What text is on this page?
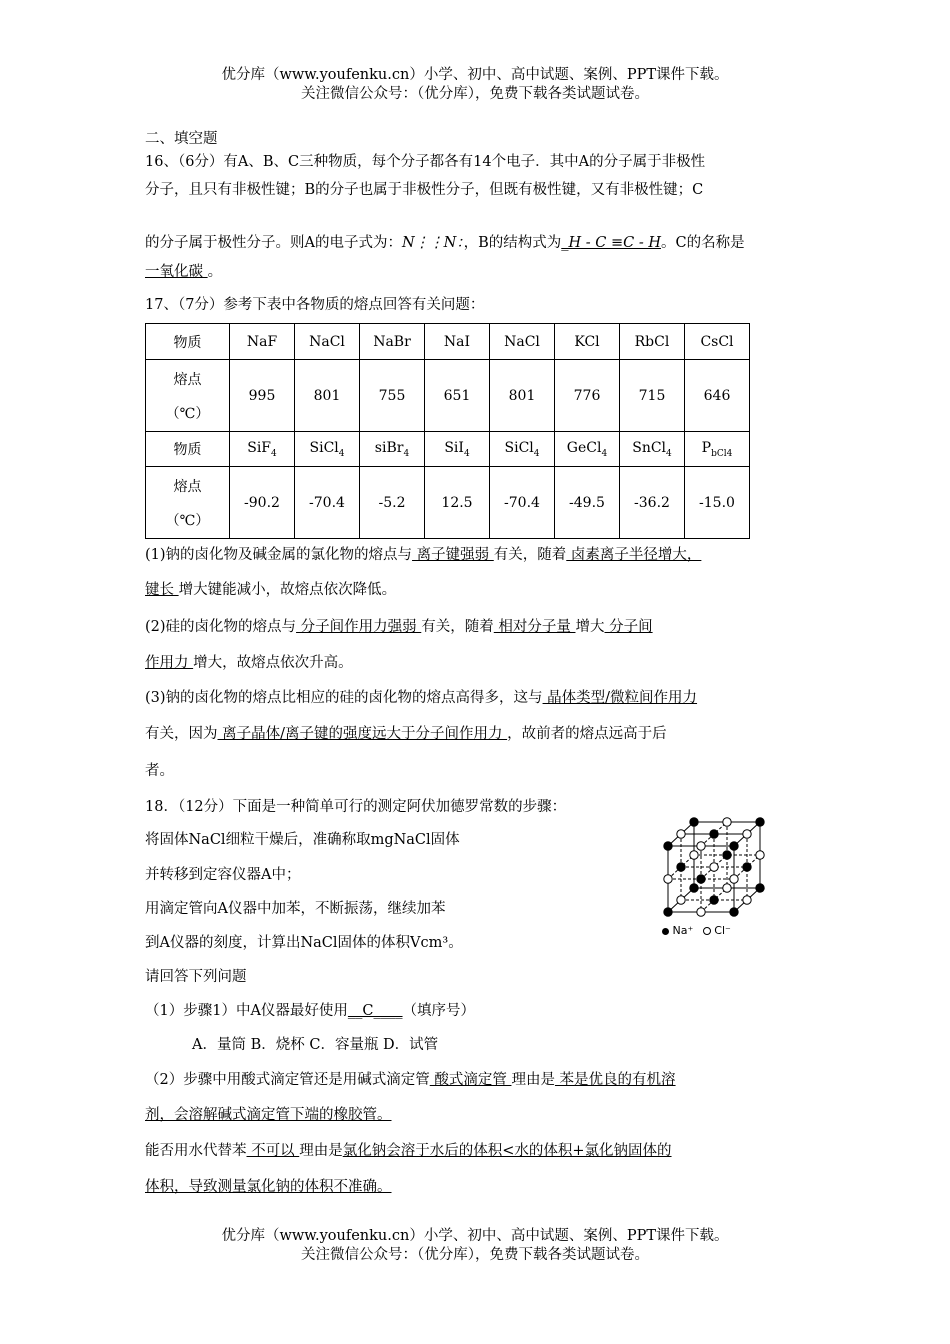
优分库（www.youfenku.cn）小学、初中、高中试题、案例、PPT课件下载。
关注微信公众号：（优分库），免费下载各类试题试卷。
二、填空题
16、（6分）有A、B、C三种物质，每个分子都各有14个电子．其中A的分子属于非极性
分子，且只有非极性键；B的分子也属于非极性分子，但既有极性键，又有非极性键；C
的分子属于极性分子。则A的电子式为：N⋮⋮N：，B的结构式为_H - C ≡C - H。C的名称是
一氧化碳 。
17、（7分）参考下表中各物质的熔点回答有关问题：
物质	NaF	NaCl	NaBr	NaI	NaCl	KCl	RbCl	CsCl

熔点
（℃）	995	801	755	651	801	776	715	646
物质	SiF$_4$	SiCl$_4$	siBr$_4$	SiI$_4$	SiCl$_4$	GeCl$_4$	SnCl$_4$	$P_{bCl4}$

熔点
（℃）	-90.2	-70.4	-5.2	12.5	-70.4	-49.5	-36.2	-15.0
(1)钠的卤化物及碱金属的氯化物的熔点与 离子键强弱 有关，随着 卤素离子半径增大，
键长 增大键能减小，故熔点依次降低。
(2)硅的卤化物的熔点与 分子间作用力强弱 有关，随着 相对分子量 增大 分子间
作用力 增大，故熔点依次升高。
(3)钠的卤化物的熔点比相应的硅的卤化物的熔点高得多，这与 晶体类型/微粒间作用力
有关，因为 离子晶体/离子键的强度远大于分子间作用力 ，故前者的熔点远高于后
者。
18．（12分）下面是一种简单可行的测定阿伏加德罗常数的步骤：
将固体NaCl细粒干燥后，准确称取mgNaCl固体
并转移到定容仪器A中；
用滴定管向A仪器中加苯，不断振荡，继续加苯
到A仪器的刻度，计算出NaCl固体的体积Vcm³。
请回答下列问题
（1）步骤1）中A仪器最好使用__C____（填序号）
A．量筒 B．烧杯 C．容量瓶 D．试管
（2）步骤中用酸式滴定管还是用碱式滴定管 酸式滴定管 理由是 苯是优良的有机溶
剂，会溶解碱式滴定管下端的橡胶管。
能否用水代替苯 不可以 理由是氯化钠会溶于水后的体积<水的体积+氯化钠固体的
体积，导致测量氯化钠的体积不准确。
Na⁺ Cl⁻
优分库（www.youfenku.cn）小学、初中、高中试题、案例、PPT课件下载。
关注微信公众号：（优分库），免费下载各类试题试卷。
